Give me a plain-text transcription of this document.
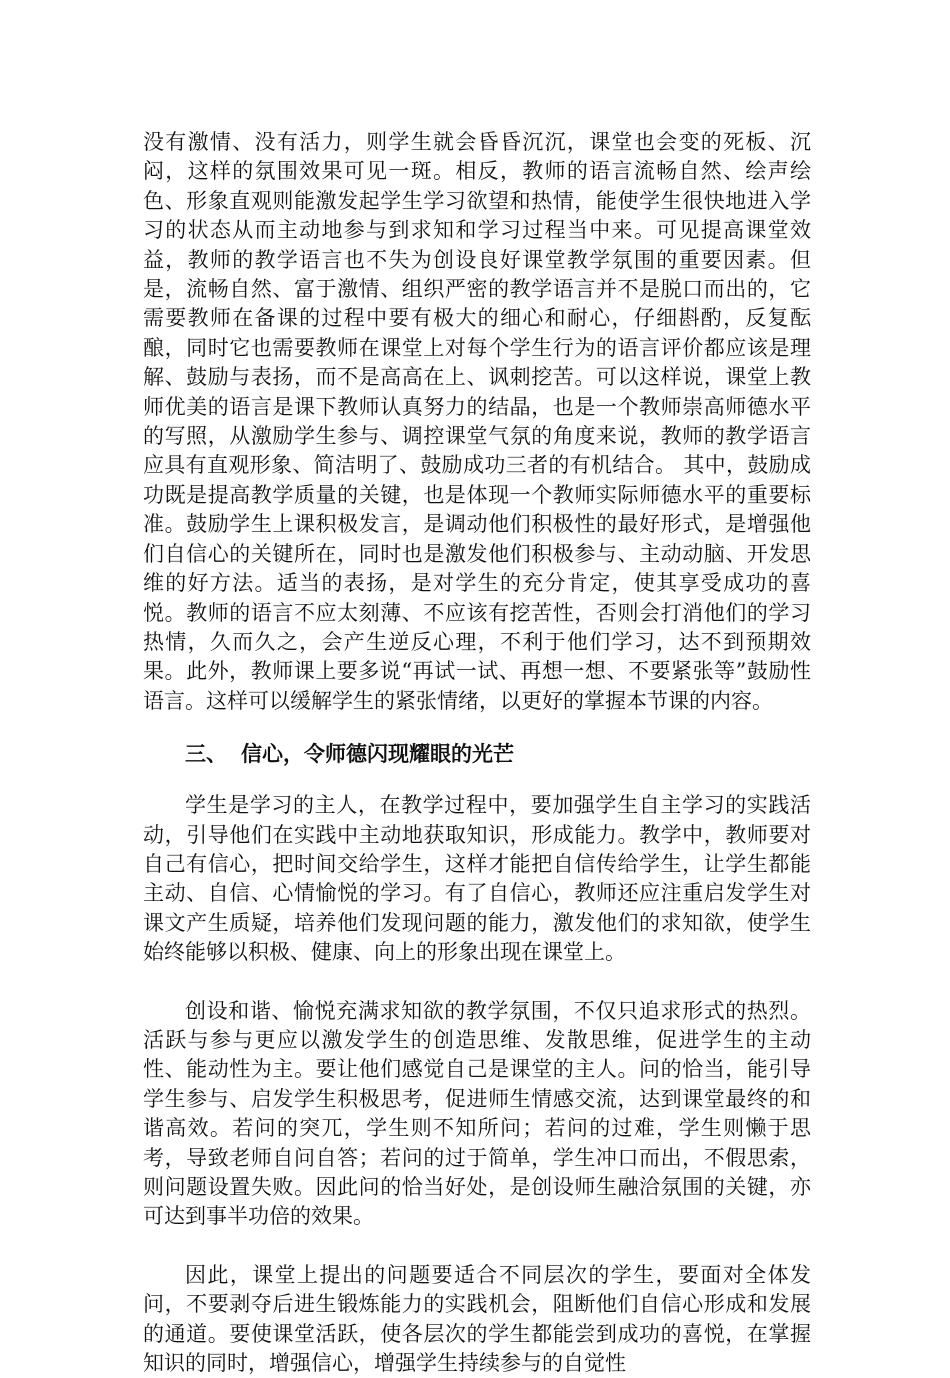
没有激情、没有活力，则学生就会昏昏沉沉，课堂也会变的死板、沉闷，这样的氛围效果可见一斑。相反，教师的语言流畅自然、绘声绘色、形象直观则能激发起学生学习欲望和热情，能使学生很快地进入学习的状态从而主动地参与到求知和学习过程当中来。可见提高课堂效益，教师的教学语言也不失为创设良好课堂教学氛围的重要因素。但是，流畅自然、富于激情、组织严密的教学语言并不是脱口而出的，它需要教师在备课的过程中要有极大的细心和耐心，仔细斟酌，反复酝酿，同时它也需要教师在课堂上对每个学生行为的语言评价都应该是理解、鼓励与表扬，而不是高高在上、讽刺挖苦。可以这样说，课堂上教师优美的语言是课下教师认真努力的结晶，也是一个教师崇高师德水平的写照，从激励学生参与、调控课堂气氛的角度来说，教师的教学语言应具有直观形象、简洁明了、鼓励成功三者的有机结合。 其中，鼓励成功既是提高教学质量的关键，也是体现一个教师实际师德水平的重要标准。鼓励学生上课积极发言，是调动他们积极性的最好形式，是增强他们自信心的关键所在，同时也是激发他们积极参与、主动动脑、开发思维的好方法。适当的表扬，是对学生的充分肯定，使其享受成功的喜悦。教师的语言不应太刻薄、不应该有挖苦性，否则会打消他们的学习热情，久而久之，会产生逆反心理，不利于他们学习，达不到预期效果。此外，教师课上要多说“再试一试、再想一想、不要紧张等”鼓励性语言。这样可以缓解学生的紧张情绪，以更好的掌握本节课的内容。

三、 信心，令师德闪现耀眼的光芒

学生是学习的主人，在教学过程中，要加强学生自主学习的实践活动，引导他们在实践中主动地获取知识，形成能力。教学中，教师要对自己有信心，把时间交给学生，这样才能把自信传给学生，让学生都能主动、自信、心情愉悦的学习。有了自信心，教师还应注重启发学生对课文产生质疑，培养他们发现问题的能力，激发他们的求知欲，使学生始终能够以积极、健康、向上的形象出现在课堂上。

创设和谐、愉悦充满求知欲的教学氛围，不仅只追求形式的热烈。活跃与参与更应以激发学生的创造思维、发散思维，促进学生的主动性、能动性为主。要让他们感觉自己是课堂的主人。问的恰当，能引导学生参与、启发学生积极思考，促进师生情感交流，达到课堂最终的和谐高效。若问的突兀，学生则不知所问；若问的过难，学生则懒于思考，导致老师自问自答；若问的过于简单，学生冲口而出，不假思索，则问题设置失败。因此问的恰当好处，是创设师生融洽氛围的关键，亦可达到事半功倍的效果。

因此，课堂上提出的问题要适合不同层次的学生，要面对全体发问，不要剥夺后进生锻炼能力的实践机会，阻断他们自信心形成和发展的通道。要使课堂活跃，使各层次的学生都能尝到成功的喜悦，在掌握知识的同时，增强信心，增强学生持续参与的自觉性
